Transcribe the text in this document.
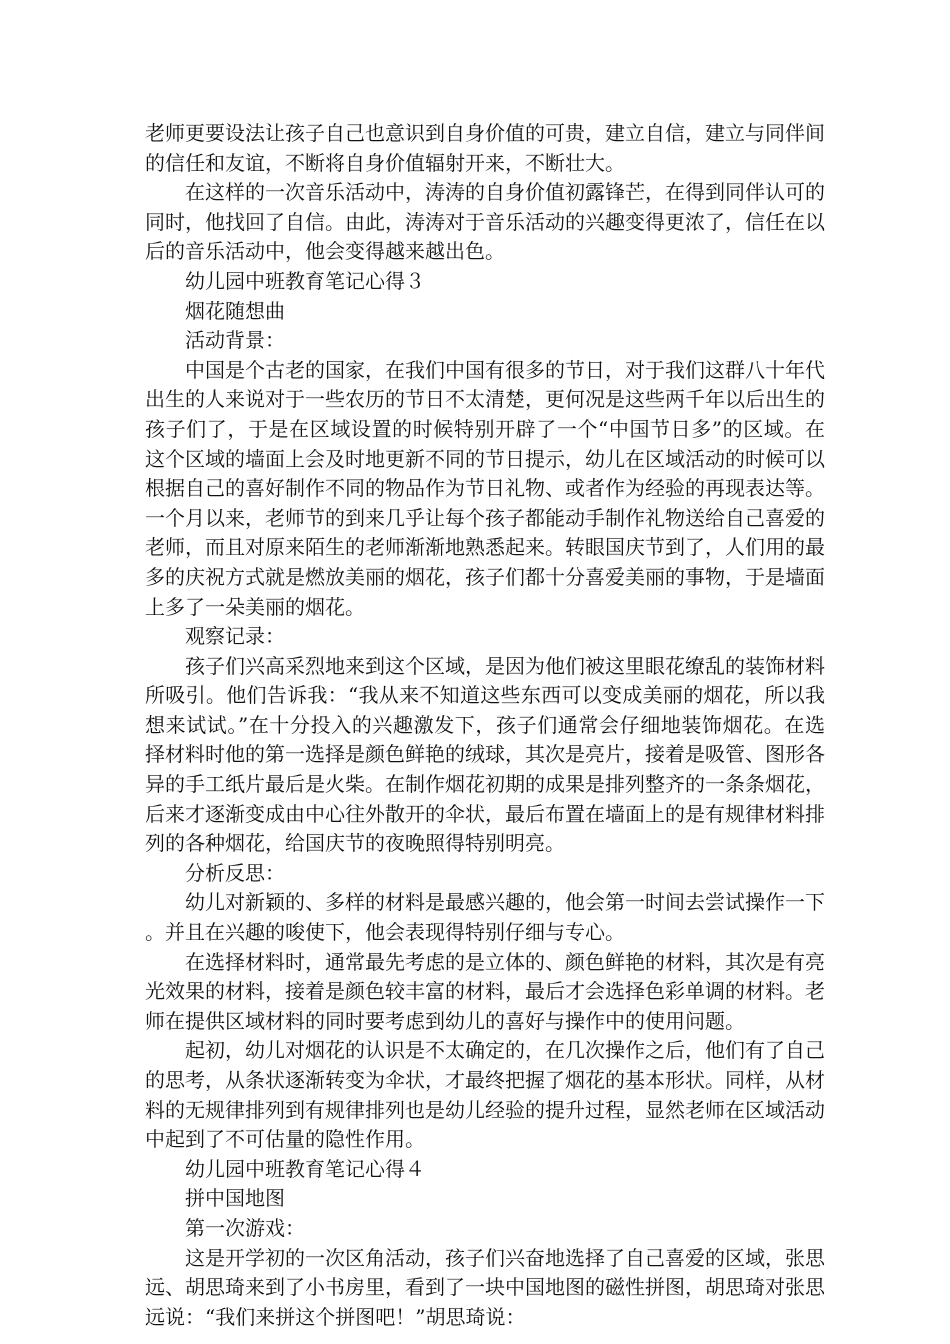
老师更要设法让孩子自己也意识到自身价值的可贵，建立自信，建立与同伴间的信任和友谊，不断将自身价值辐射开来，不断壮大。

在这样的一次音乐活动中，涛涛的自身价值初露锋芒，在得到同伴认可的同时，他找回了自信。由此，涛涛对于音乐活动的兴趣变得更浓了，信任在以后的音乐活动中，他会变得越来越出色。

幼儿园中班教育笔记心得３

烟花随想曲

活动背景：

中国是个古老的国家，在我们中国有很多的节日，对于我们这群八十年代出生的人来说对于一些农历的节日不太清楚，更何况是这些两千年以后出生的孩子们了，于是在区域设置的时候特别开辟了一个“中国节日多”的区域。在这个区域的墙面上会及时地更新不同的节日提示，幼儿在区域活动的时候可以根据自己的喜好制作不同的物品作为节日礼物、或者作为经验的再现表达等。一个月以来，老师节的到来几乎让每个孩子都能动手制作礼物送给自己喜爱的老师，而且对原来陌生的老师渐渐地熟悉起来。转眼国庆节到了，人们用的最多的庆祝方式就是燃放美丽的烟花，孩子们都十分喜爱美丽的事物，于是墙面上多了一朵美丽的烟花。

观察记录：

孩子们兴高采烈地来到这个区域，是因为他们被这里眼花缭乱的装饰材料所吸引。他们告诉我：“我从来不知道这些东西可以变成美丽的烟花，所以我想来试试。”在十分投入的兴趣激发下，孩子们通常会仔细地装饰烟花。在选择材料时他的第一选择是颜色鲜艳的绒球，其次是亮片，接着是吸管、图形各异的手工纸片最后是火柴。在制作烟花初期的成果是排列整齐的一条条烟花，后来才逐渐变成由中心往外散开的伞状，最后布置在墙面上的是有规律材料排列的各种烟花，给国庆节的夜晚照得特别明亮。

分析反思：

幼儿对新颖的、多样的材料是最感兴趣的，他会第一时间去尝试操作一下。并且在兴趣的唆使下，他会表现得特别仔细与专心。

在选择材料时，通常最先考虑的是立体的、颜色鲜艳的材料，其次是有亮光效果的材料，接着是颜色较丰富的材料，最后才会选择色彩单调的材料。老师在提供区域材料的同时要考虑到幼儿的喜好与操作中的使用问题。

起初，幼儿对烟花的认识是不太确定的，在几次操作之后，他们有了自己的思考，从条状逐渐转变为伞状，才最终把握了烟花的基本形状。同样，从材料的无规律排列到有规律排列也是幼儿经验的提升过程，显然老师在区域活动中起到了不可估量的隐性作用。

幼儿园中班教育笔记心得４

拼中国地图

第一次游戏：

这是开学初的一次区角活动，孩子们兴奋地选择了自己喜爱的区域，张思远、胡思琦来到了小书房里，看到了一块中国地图的磁性拼图，胡思琦对张思远说：“我们来拼这个拼图吧！”胡思琦说：
